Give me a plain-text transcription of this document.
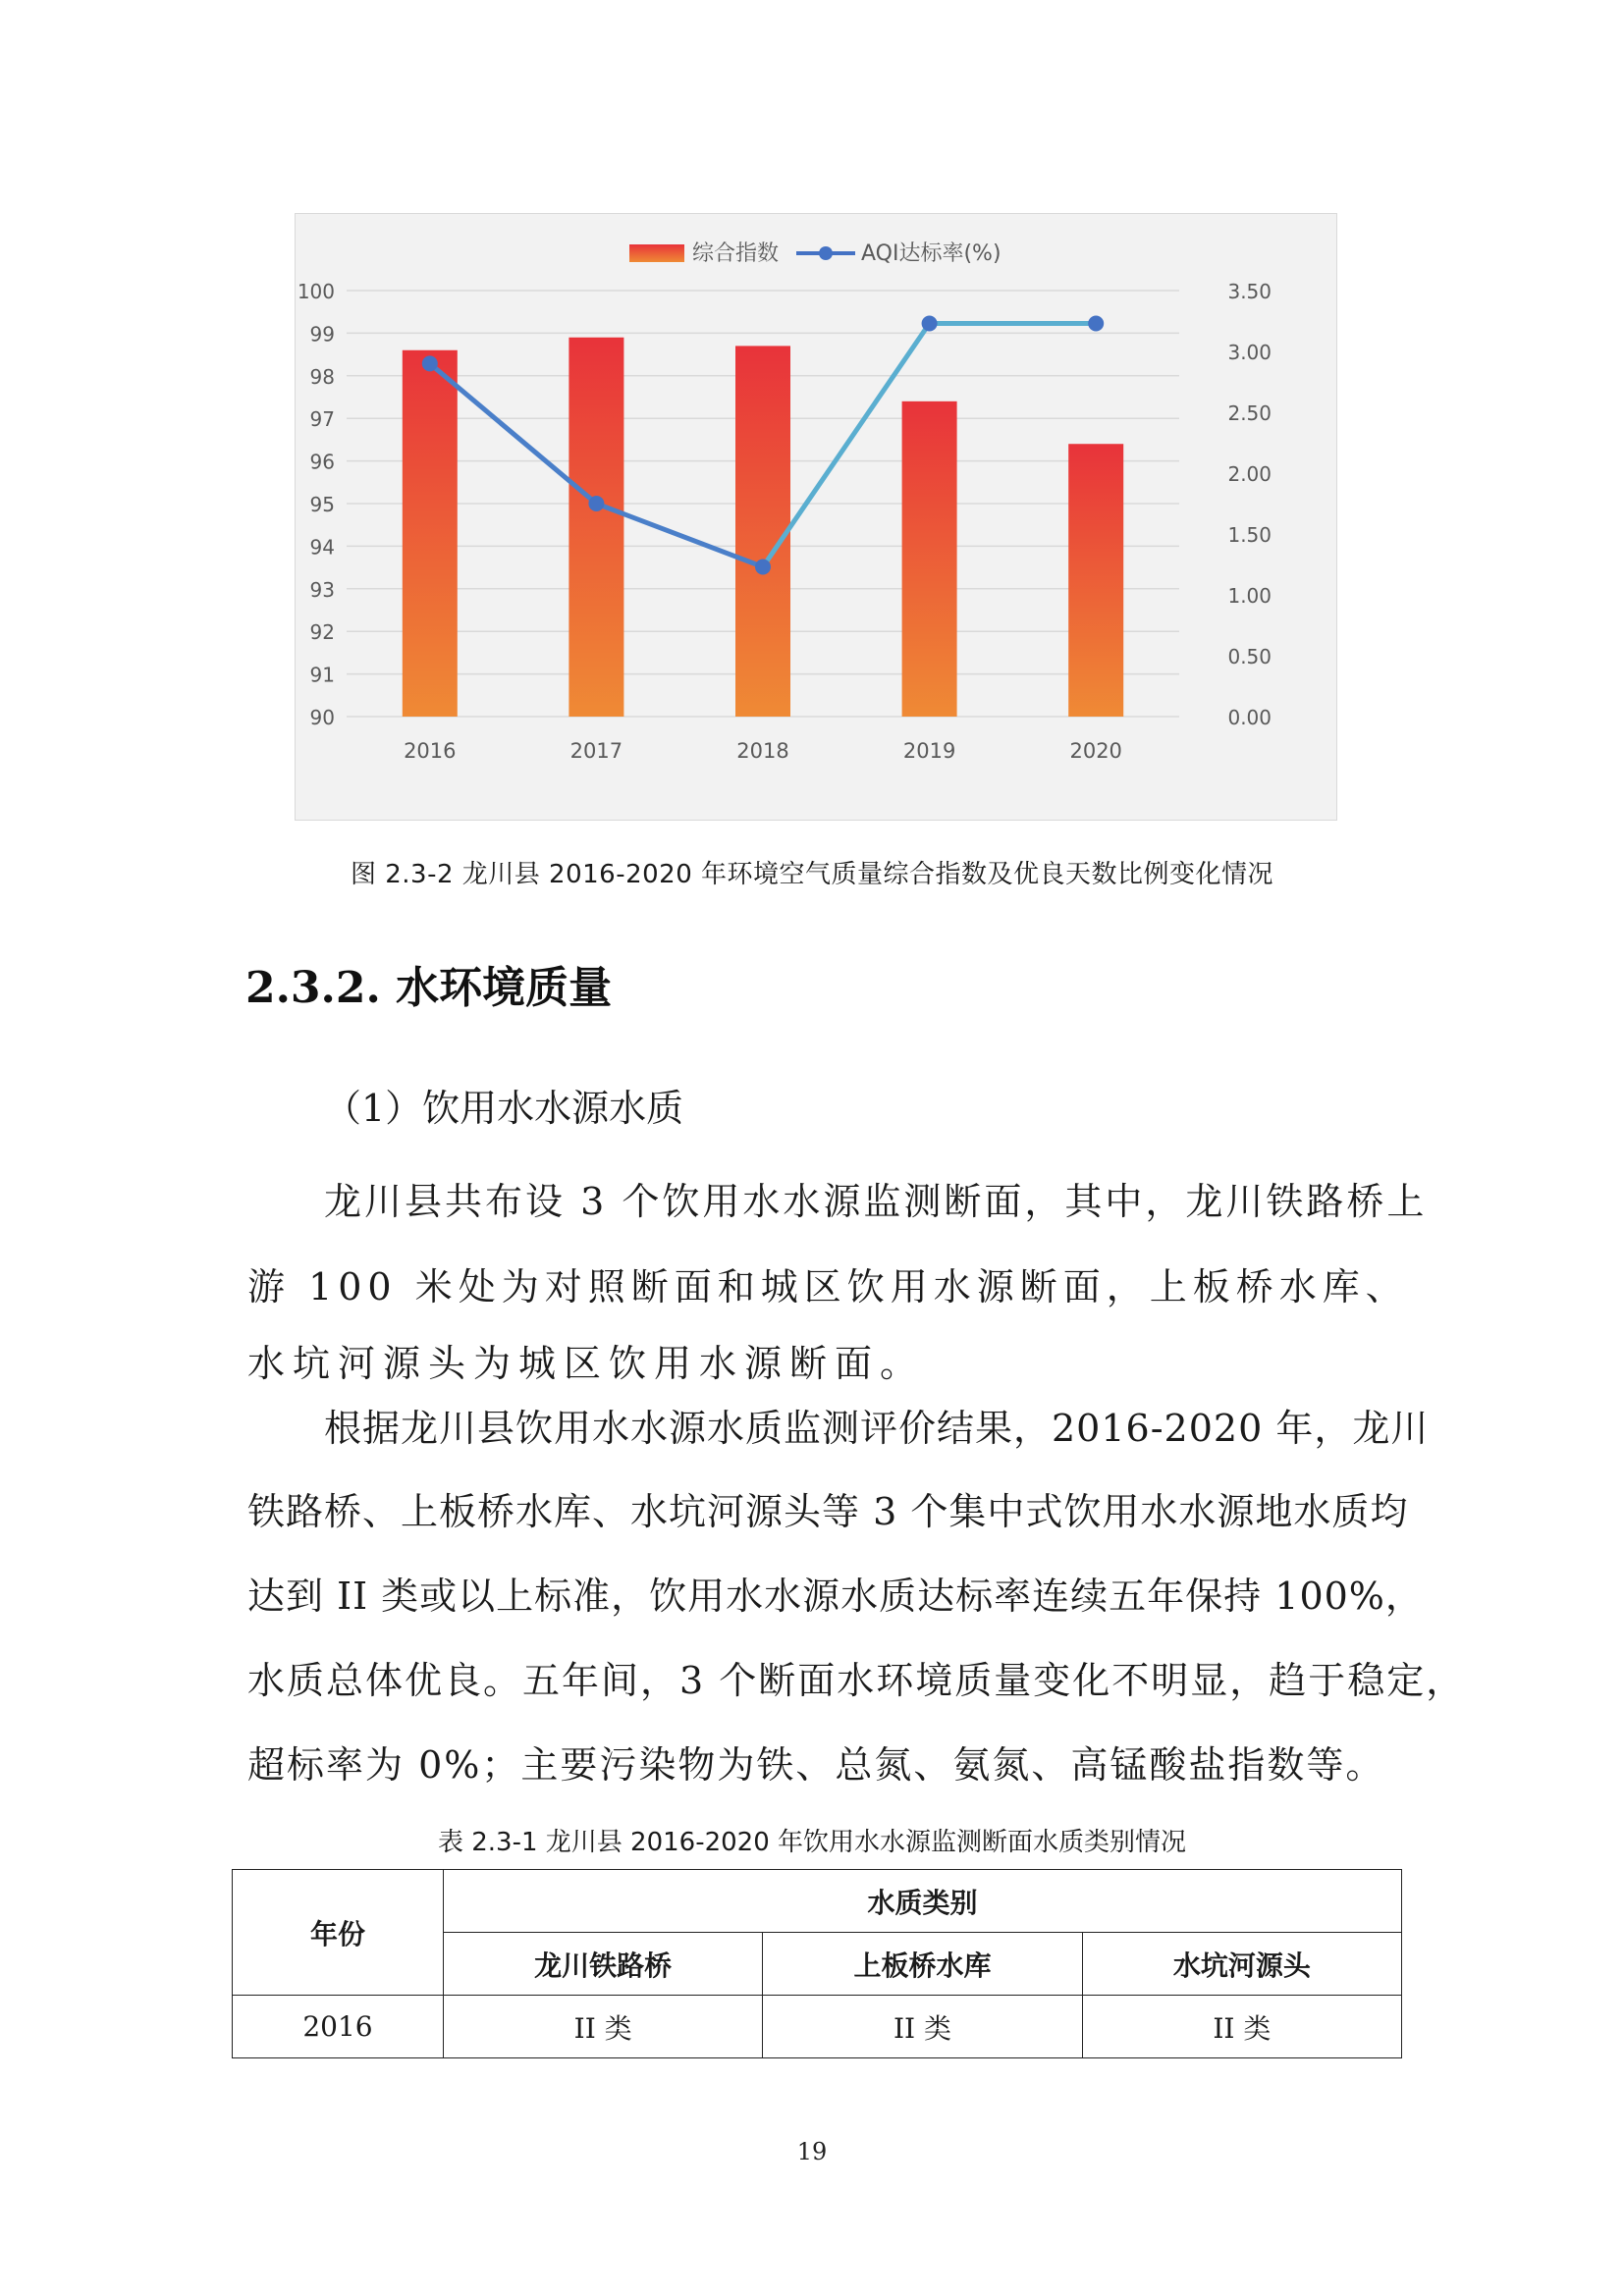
90
91
92
93
94
95
96
97
98
99
100
0.00
0.50
1.00
1.50
2.00
2.50
3.00
3.50
2016	2017	2018	2019	2020
综合指数	AQI达标率(%)
图 2.3-2 龙川县 2016-2020 年环境空气质量综合指数及优良天数比例变化情况
2.3.2. 水环境质量
（1）饮用水水源水质
龙川县共布设 3 个饮用水水源监测断面，其中，龙川铁路桥上
游 100 米处为对照断面和城区饮用水源断面，上板桥水库、
水坑河源头为城区饮用水源断面。
根据龙川县饮用水水源水质监测评价结果，2016-2020 年，龙川
铁路桥、上板桥水库、水坑河源头等 3 个集中式饮用水水源地水质均
达到 II 类或以上标准，饮用水水源水质达标率连续五年保持 100%，
水质总体优良。五年间，3 个断面水环境质量变化不明显，趋于稳定，
超标率为 0%；主要污染物为铁、总氮、氨氮、高锰酸盐指数等。
表 2.3-1 龙川县 2016-2020 年饮用水水源监测断面水质类别情况
年份	水质类别		
	龙川铁路桥	上板桥水库	水坑河源头
2016	II 类	II 类	II 类
19
